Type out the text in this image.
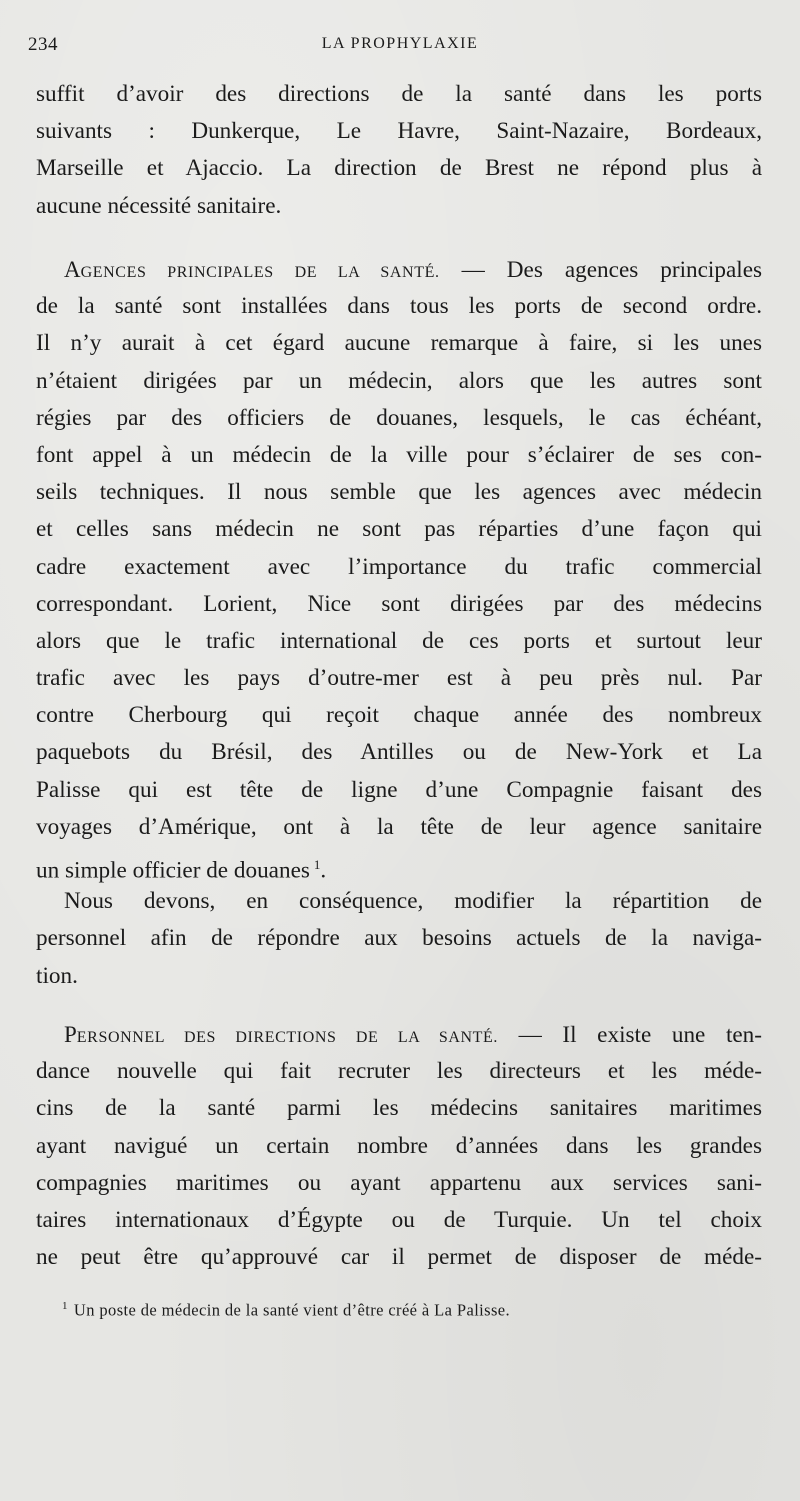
234	LA PROPHYLAXIE
suffit d’avoir des directions de la santé dans les ports
suivants : Dunkerque, Le Havre, Saint-Nazaire, Bordeaux,
Marseille et Ajaccio. La direction de Brest ne répond plus à
aucune nécessité sanitaire.
AGENCES PRINCIPALES DE LA SANTÉ. — Des agences principales
de la santé sont installées dans tous les ports de second ordre.
Il n’y aurait à cet égard aucune remarque à faire, si les unes
n’étaient dirigées par un médecin, alors que les autres sont
régies par des officiers de douanes, lesquels, le cas échéant,
font appel à un médecin de la ville pour s’éclairer de ses con-
seils techniques. Il nous semble que les agences avec médecin
et celles sans médecin ne sont pas réparties d’une façon qui
cadre exactement avec l’importance du trafic commercial
correspondant. Lorient, Nice sont dirigées par des médecins
alors que le trafic international de ces ports et surtout leur
trafic avec les pays d’outre-mer est à peu près nul. Par
contre Cherbourg qui reçoit chaque année des nombreux
paquebots du Brésil, des Antilles ou de New-York et La
Palisse qui est tête de ligne d’une Compagnie faisant des
voyages d’Amérique, ont à la tête de leur agence sanitaire
un simple officier de douanes $^1$.
Nous devons, en conséquence, modifier la répartition de
personnel afin de répondre aux besoins actuels de la naviga-
tion.
PERSONNEL DES DIRECTIONS DE LA SANTÉ. — Il existe une ten-
dance nouvelle qui fait recruter les directeurs et les méde-
cins de la santé parmi les médecins sanitaires maritimes
ayant navigué un certain nombre d’années dans les grandes
compagnies maritimes ou ayant appartenu aux services sani-
taires internationaux d’Égypte ou de Turquie. Un tel choix
ne peut être qu’approuvé car il permet de disposer de méde-
$^1$ Un poste de médecin de la santé vient d’être créé à La Palisse.
